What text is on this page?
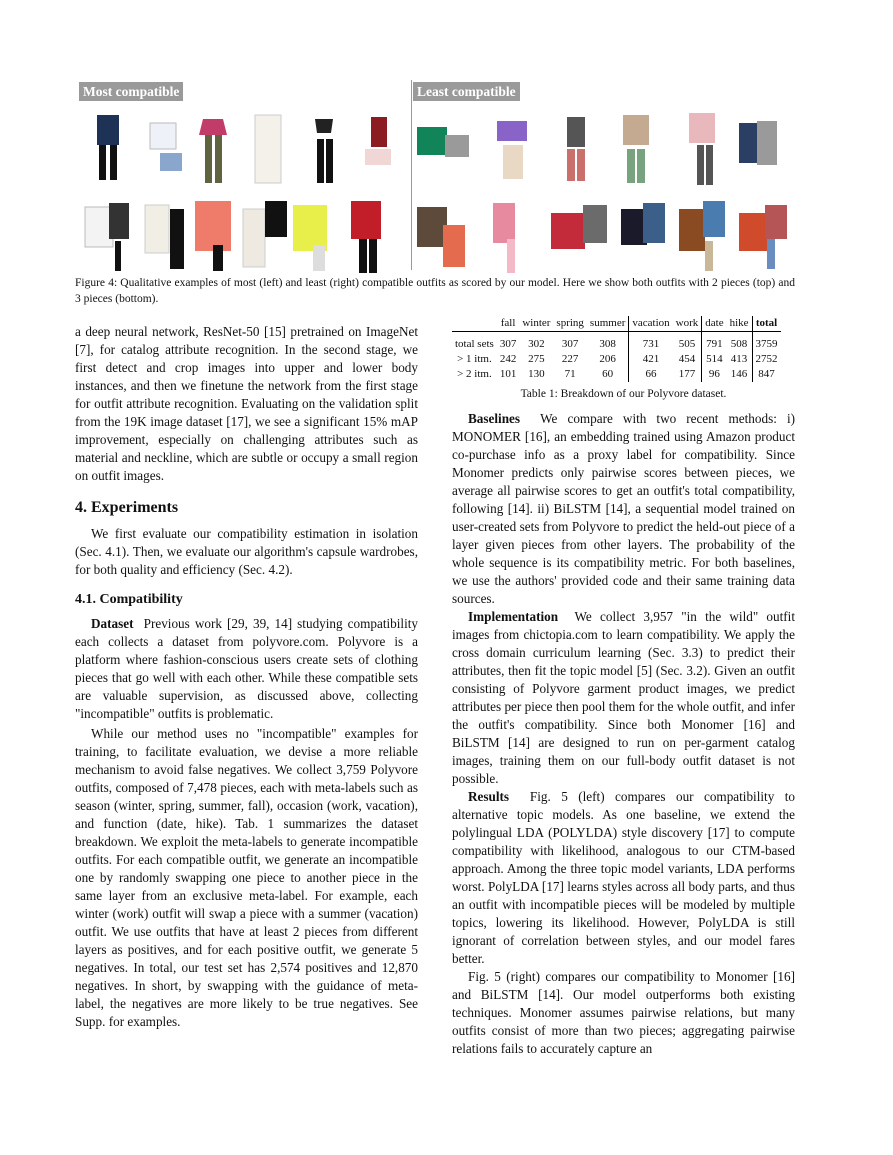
Most compatible	Least compatible
Figure 4: Qualitative examples of most (left) and least (right) compatible outfits as scored by our model. Here we show both outfits with 2 pieces (top) and 3 pieces (bottom).

a deep neural network, ResNet-50 [15] pretrained on ImageNet [7], for catalog attribute recognition. In the second stage, we first detect and crop images into upper and lower body instances, and then we finetune the network from the first stage for outfit attribute recognition. Evaluating on the validation split from the 19K image dataset [17], we see a significant 15% mAP improvement, especially on challenging attributes such as material and neckline, which are subtle or occupy a small region on outfit images.

4. Experiments

We first evaluate our compatibility estimation in isolation (Sec. 4.1). Then, we evaluate our algorithm's capsule wardrobes, for both quality and efficiency (Sec. 4.2).

4.1. Compatibility

Dataset Previous work [29, 39, 14] studying compatibility each collects a dataset from polyvore.com. Polyvore is a platform where fashion-conscious users create sets of clothing pieces that go well with each other. While these compatible sets are valuable supervision, as discussed above, collecting "incompatible" outfits is problematic.

While our method uses no "incompatible" examples for training, to facilitate evaluation, we devise a more reliable mechanism to avoid false negatives. We collect 3,759 Polyvore outfits, composed of 7,478 pieces, each with meta-labels such as season (winter, spring, summer, fall), occasion (work, vacation), and function (date, hike). Tab. 1 summarizes the dataset breakdown. We exploit the meta-labels to generate incompatible outfits. For each compatible outfit, we generate an incompatible one by randomly swapping one piece to another piece in the same layer from an exclusive meta-label. For example, each winter (work) outfit will swap a piece with a summer (vacation) outfit. We use outfits that have at least 2 pieces from different layers as positives, and for each positive outfit, we generate 5 negatives. In total, our test set has 2,574 positives and 12,870 negatives. In short, by swapping with the guidance of meta-label, the negatives are more likely to be true negatives. See Supp. for examples.

	fall	winter	spring	summer	vacation	work	date	hike	total
total sets	307	302	307	308	731	505	791	508	3759
> 1 itm.	242	275	227	206	421	454	514	413	2752
> 2 itm.	101	130	71	60	66	177	96	146	847
Table 1: Breakdown of our Polyvore dataset.

Baselines We compare with two recent methods: i) MONOMER [16], an embedding trained using Amazon product co-purchase info as a proxy label for compatibility. Since Monomer predicts only pairwise scores between pieces, we average all pairwise scores to get an outfit's total compatibility, following [14]. ii) BiLSTM [14], a sequential model trained on user-created sets from Polyvore to predict the held-out piece of a layer given pieces from other layers. The probability of the whole sequence is its compatibility metric. For both baselines, we use the authors' provided code and their same training data sources.

Implementation We collect 3,957 "in the wild" outfit images from chictopia.com to learn compatibility. We apply the cross domain curriculum learning (Sec. 3.3) to predict their attributes, then fit the topic model [5] (Sec. 3.2). Given an outfit consisting of Polyvore garment product images, we predict attributes per piece then pool them for the whole outfit, and infer the outfit's compatibility. Since both Monomer [16] and BiLSTM [14] are designed to run on per-garment catalog images, training them on our full-body outfit dataset is not possible.

Results Fig. 5 (left) compares our compatibility to alternative topic models. As one baseline, we extend the polylingual LDA (POLYLDA) style discovery [17] to compute compatibility with likelihood, analogous to our CTM-based approach. Among the three topic model variants, LDA performs worst. PolyLDA [17] learns styles across all body parts, and thus an outfit with incompatible pieces will be modeled by multiple topics, lowering its likelihood. However, PolyLDA is still ignorant of correlation between styles, and our model fares better.

Fig. 5 (right) compares our compatibility to Monomer [16] and BiLSTM [14]. Our model outperforms both existing techniques. Monomer assumes pairwise relations, but many outfits consist of more than two pieces; aggregating pairwise relations fails to accurately capture an
